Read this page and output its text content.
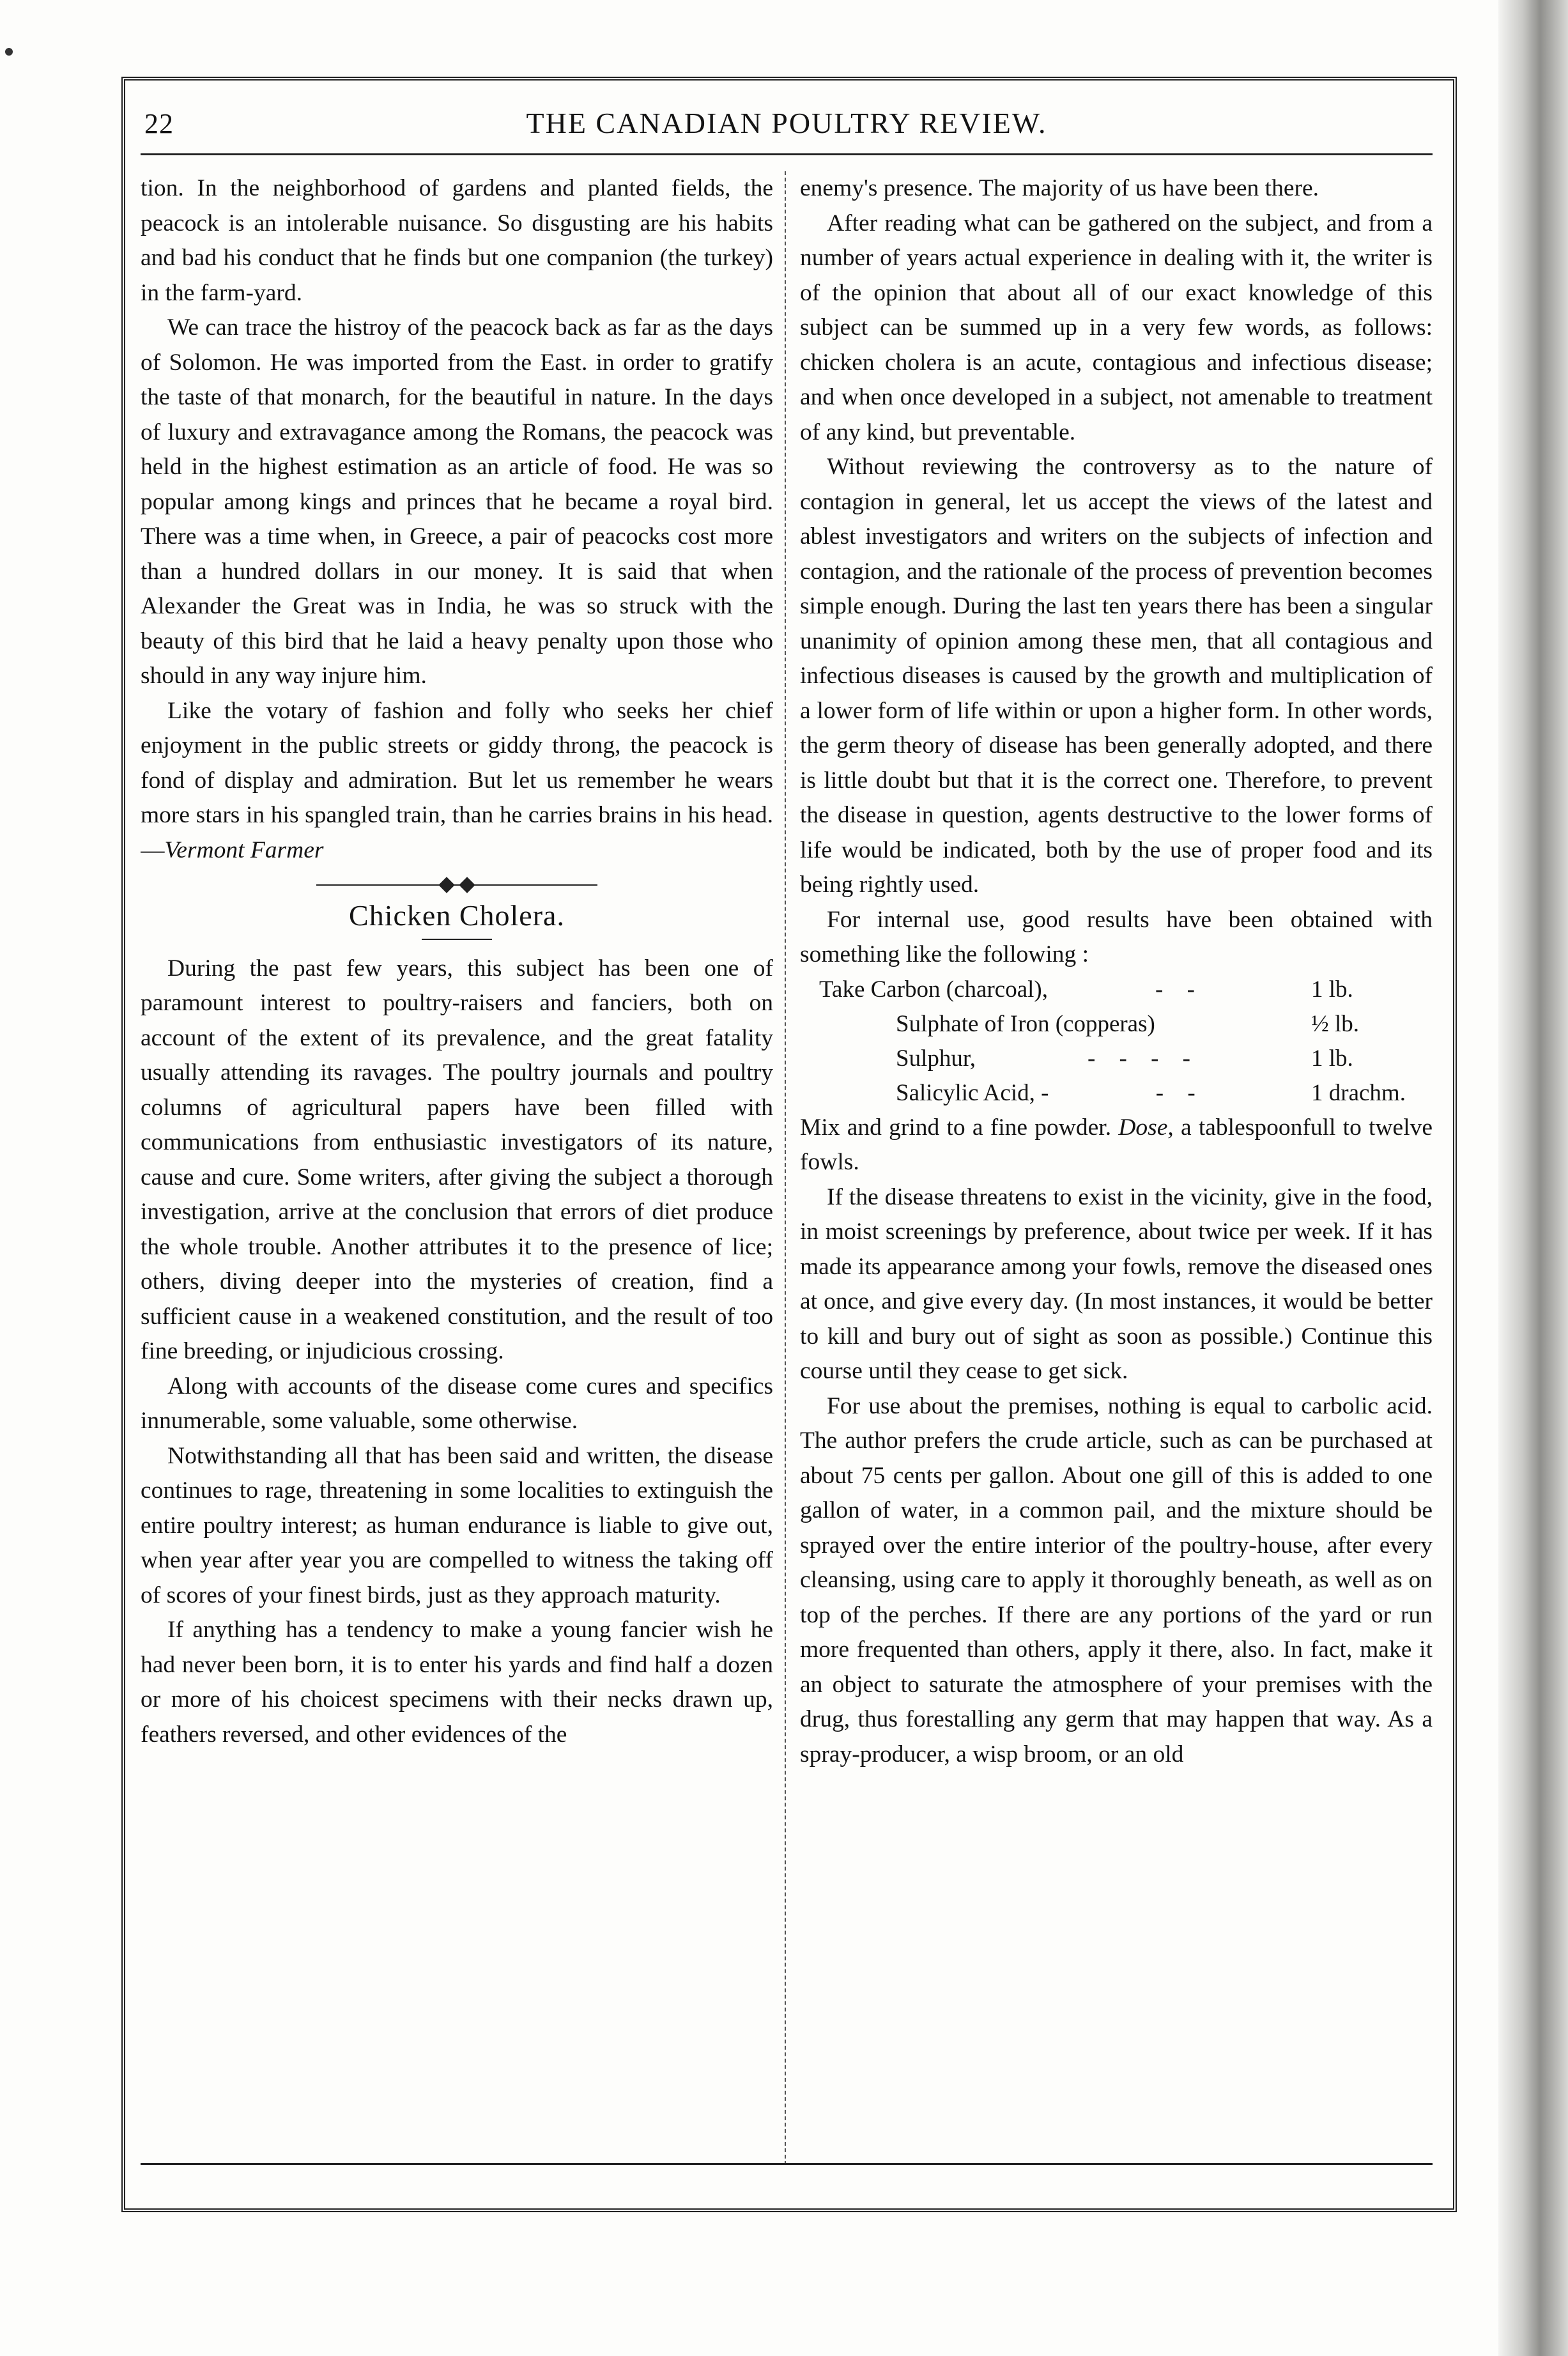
22	THE CANADIAN POULTRY REVIEW.

tion. In the neighborhood of gardens and planted fields, the peacock is an intolerable nuisance. So disgusting are his habits and bad his conduct that he finds but one companion (the turkey) in the farm-yard.

We can trace the histroy of the peacock back as far as the days of Solomon. He was imported from the East. in order to gratify the taste of that monarch, for the beautiful in nature. In the days of luxury and extravagance among the Romans, the peacock was held in the highest estimation as an article of food. He was so popular among kings and princes that he became a royal bird. There was a time when, in Greece, a pair of peacocks cost more than a hundred dollars in our money. It is said that when Alexander the Great was in India, he was so struck with the beauty of this bird that he laid a heavy penalty upon those who should in any way injure him.

Like the votary of fashion and folly who seeks her chief enjoyment in the public streets or giddy throng, the peacock is fond of display and admiration. But let us remember he wears more stars in his spangled train, than he carries brains in his head.—Vermont Farmer

Chicken Cholera.

During the past few years, this subject has been one of paramount interest to poultry-raisers and fanciers, both on account of the extent of its prevalence, and the great fatality usually attending its ravages. The poultry journals and poultry columns of agricultural papers have been filled with communications from enthusiastic investigators of its nature, cause and cure. Some writers, after giving the subject a thorough investigation, arrive at the conclusion that errors of diet produce the whole trouble. Another attributes it to the presence of lice; others, diving deeper into the mysteries of creation, find a sufficient cause in a weakened constitution, and the result of too fine breeding, or injudicious crossing.

Along with accounts of the disease come cures and specifics innumerable, some valuable, some otherwise.

Notwithstanding all that has been said and written, the disease continues to rage, threatening in some localities to extinguish the entire poultry interest; as human endurance is liable to give out, when year after year you are compelled to witness the taking off of scores of your finest birds, just as they approach maturity.

If anything has a tendency to make a young fancier wish he had never been born, it is to enter his yards and find half a dozen or more of his choicest specimens with their necks drawn up, feathers reversed, and other evidences of the

enemy's presence. The majority of us have been there.

After reading what can be gathered on the subject, and from a number of years actual experience in dealing with it, the writer is of the opinion that about all of our exact knowledge of this subject can be summed up in a very few words, as follows: chicken cholera is an acute, contagious and infectious disease; and when once developed in a subject, not amenable to treatment of any kind, but preventable.

Without reviewing the controversy as to the nature of contagion in general, let us accept the views of the latest and ablest investigators and writers on the subjects of infection and contagion, and the rationale of the process of prevention becomes simple enough. During the last ten years there has been a singular unanimity of opinion among these men, that all contagious and infectious diseases is caused by the growth and multiplication of a lower form of life within or upon a higher form. In other words, the germ theory of disease has been generally adopted, and there is little doubt but that it is the correct one. Therefore, to prevent the disease in question, agents destructive to the lower forms of life would be indicated, both by the use of proper food and its being rightly used.

For internal use, good results have been obtained with something like the following :

Take Carbon (charcoal),	- -	1 lb.
Sulphate of Iron (copperas)	½ lb.
Sulphur,	- - - -	1 lb.
Salicylic Acid, -	- -	1 drachm.

Mix and grind to a fine powder. Dose, a tablespoonfull to twelve fowls.

If the disease threatens to exist in the vicinity, give in the food, in moist screenings by preference, about twice per week. If it has made its appearance among your fowls, remove the diseased ones at once, and give every day. (In most instances, it would be better to kill and bury out of sight as soon as possible.) Continue this course until they cease to get sick.

For use about the premises, nothing is equal to carbolic acid. The author prefers the crude article, such as can be purchased at about 75 cents per gallon. About one gill of this is added to one gallon of water, in a common pail, and the mixture should be sprayed over the entire interior of the poultry-house, after every cleansing, using care to apply it thoroughly beneath, as well as on top of the perches. If there are any portions of the yard or run more frequented than others, apply it there, also. In fact, make it an object to saturate the atmosphere of your premises with the drug, thus forestalling any germ that may happen that way. As a spray-producer, a wisp broom, or an old
